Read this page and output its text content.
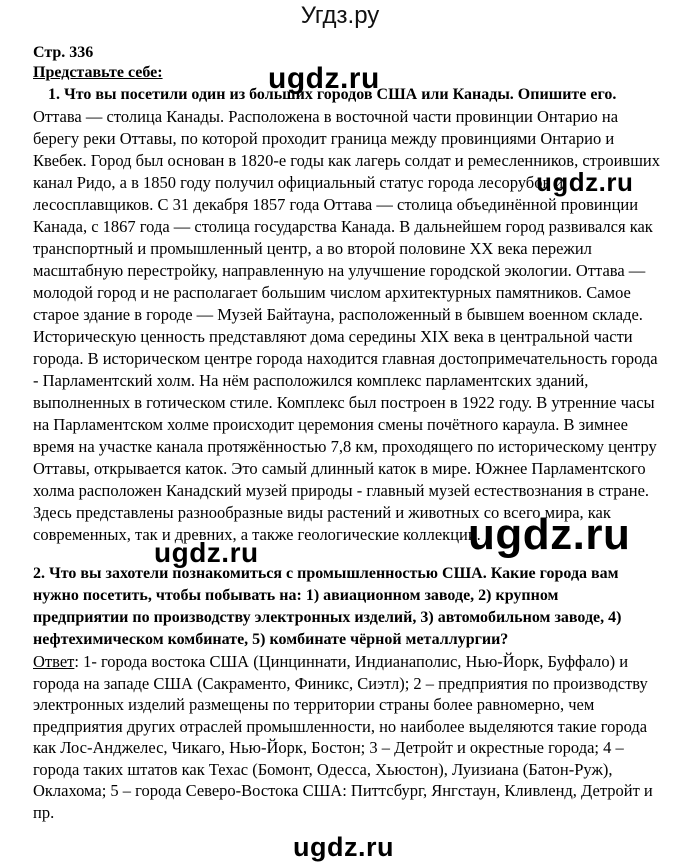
Угдз.ру
Стр. 336
Представьте себе:
1. Что вы посетили один из больших городов США или Канады. Опишите его.
Оттава — столица Канады. Расположена в восточной части провинции Онтарио на
берегу реки Оттавы, по которой проходит граница между провинциями Онтарио и
Квебек. Город был основан в 1820-е годы как лагерь солдат и ремесленников, строивших
канал Ридо, а в 1850 году получил официальный статус города лесорубов и
лесосплавщиков. С 31 декабря 1857 года Оттава — столица объединённой провинции
Канада, с 1867 года — столица государства Канада. В дальнейшем город развивался как
транспортный и промышленный центр, а во второй половине XX века пережил
масштабную перестройку, направленную на улучшение городской экологии. Оттава —
молодой город и не располагает большим числом архитектурных памятников. Самое
старое здание в городе — Музей Байтауна, расположенный в бывшем военном складе.
Историческую ценность представляют дома середины XIX века в центральной части
города. В историческом центре города находится главная достопримечательность города
- Парламентский холм. На нём расположился комплекс парламентских зданий,
выполненных в готическом стиле. Комплекс был построен в 1922 году. В утренние часы
на Парламентском холме происходит церемония смены почётного караула. В зимнее
время на участке канала протяжённостью 7,8 км, проходящего по историческому центру
Оттавы, открывается каток. Это самый длинный каток в мире. Южнее Парламентского
холма расположен Канадский музей природы - главный музей естествознания в стране.
Здесь представлены разнообразные виды растений и животных со всего мира, как
современных, так и древних, а также геологические коллекции.
2. Что вы захотели познакомиться с промышленностью США. Какие города вам
нужно посетить, чтобы побывать на: 1) авиационном заводе, 2) крупном
предприятии по производству электронных изделий, 3) автомобильном заводе, 4)
нефтехимическом комбинате, 5) комбинате чёрной металлургии?
Ответ: 1- города востока США (Цинциннати, Индианаполис, Нью-Йорк, Буффало) и
города на западе США (Сакраменто, Финикс, Сиэтл); 2 – предприятия по производству
электронных изделий размещены по территории страны более равномерно, чем
предприятия других отраслей промышленности, но наиболее выделяются такие города
как Лос-Анджелес, Чикаго, Нью-Йорк, Бостон; 3 – Детройт и окрестные города; 4 –
города таких штатов как Техас (Бомонт, Одесса, Хьюстон), Луизиана (Батон-Руж),
Оклахома; 5 – города Северо-Востока США: Питтсбург, Янгстаун, Кливленд, Детройт и
пр.
ugdz.ru
ugdz.ru
ugdz.ru
ugdz.ru
ugdz.ru
